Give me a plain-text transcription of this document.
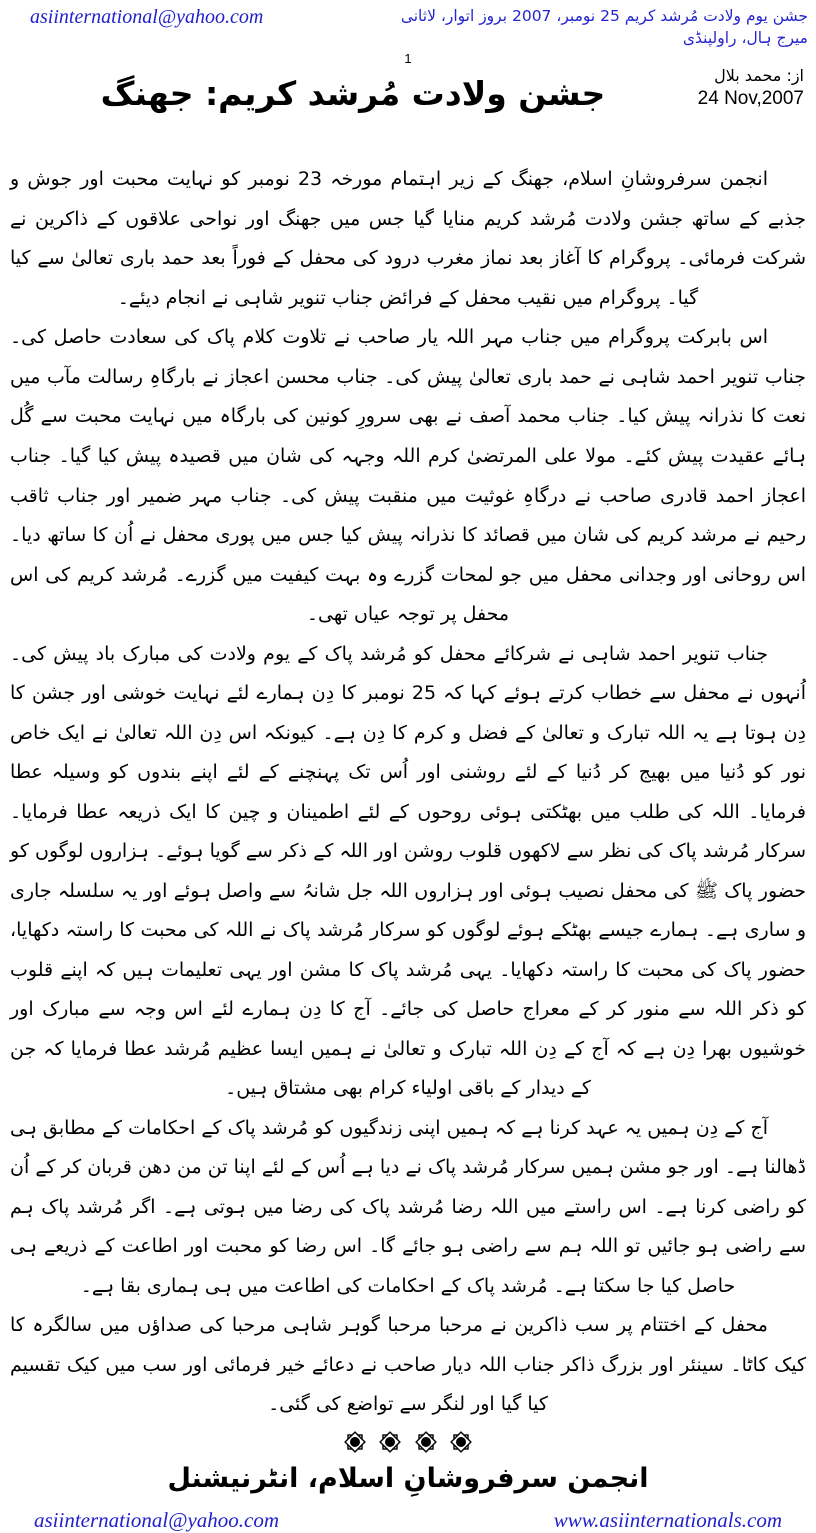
asiinternational@yahoo.com	جشن یوم ولادت مُرشد کریم 25 نومبر، 2007 بروز اتوار، لاثانی میرج ہال، راولپنڈی
1
از: محمد بلال
24 Nov,2007
جشن ولادت مُرشد کریم: جھنگ

انجمن سرفروشانِ اسلام، جھنگ کے زیر اہتمام مورخہ 23 نومبر کو نہایت محبت اور جوش و جذبے کے ساتھ جشن ولادت مُرشد کریم منایا گیا جس میں جھنگ اور نواحی علاقوں کے ذاکرین نے شرکت فرمائی۔ پروگرام کا آغاز بعد نماز مغرب درود کی محفل کے فوراً بعد حمد باری تعالیٰ سے کیا گیا۔ پروگرام میں نقیب محفل کے فرائض جناب تنویر شاہی نے انجام دیئے۔

اس بابرکت پروگرام میں جناب مہر اللہ یار صاحب نے تلاوت کلام پاک کی سعادت حاصل کی۔ جناب تنویر احمد شاہی نے حمد باری تعالیٰ پیش کی۔ جناب محسن اعجاز نے بارگاہِ رسالت مآب میں نعت کا نذرانہ پیش کیا۔ جناب محمد آصف نے بھی سرورِ کونین کی بارگاہ میں نہایت محبت سے گُل ہائے عقیدت پیش کئے۔ مولا علی المرتضیٰ کرم اللہ وجہہ کی شان میں قصیدہ پیش کیا گیا۔ جناب اعجاز احمد قادری صاحب نے درگاہِ غوثیت میں منقبت پیش کی۔ جناب مہر ضمیر اور جناب ثاقب رحیم نے مرشد کریم کی شان میں قصائد کا نذرانہ پیش کیا جس میں پوری محفل نے اُن کا ساتھ دیا۔ اس روحانی اور وجدانی محفل میں جو لمحات گزرے وہ بہت کیفیت میں گزرے۔ مُرشد کریم کی اس محفل پر توجہ عیاں تھی۔

جناب تنویر احمد شاہی نے شرکائے محفل کو مُرشد پاک کے یوم ولادت کی مبارک باد پیش کی۔ اُنہوں نے محفل سے خطاب کرتے ہوئے کہا کہ 25 نومبر کا دِن ہمارے لئے نہایت خوشی اور جشن کا دِن ہوتا ہے یہ اللہ تبارک و تعالیٰ کے فضل و کرم کا دِن ہے۔ کیونکہ اس دِن اللہ تعالیٰ نے ایک خاص نور کو دُنیا میں بھیج کر دُنیا کے لئے روشنی اور اُس تک پہنچنے کے لئے اپنے بندوں کو وسیلہ عطا فرمایا۔ اللہ کی طلب میں بھٹکتی ہوئی روحوں کے لئے اطمینان و چین کا ایک ذریعہ عطا فرمایا۔ سرکار مُرشد پاک کی نظر سے لاکھوں قلوب روشن اور اللہ کے ذکر سے گویا ہوئے۔ ہزاروں لوگوں کو حضور پاک ﷺ کی محفل نصیب ہوئی اور ہزاروں اللہ جل شانہُ سے واصل ہوئے اور یہ سلسلہ جاری و ساری ہے۔ ہمارے جیسے بھٹکے ہوئے لوگوں کو سرکار مُرشد پاک نے اللہ کی محبت کا راستہ دکھایا، حضور پاک کی محبت کا راستہ دکھایا۔ یہی مُرشد پاک کا مشن اور یہی تعلیمات ہیں کہ اپنے قلوب کو ذکر اللہ سے منور کر کے معراج حاصل کی جائے۔ آج کا دِن ہمارے لئے اس وجہ سے مبارک اور خوشیوں بھرا دِن ہے کہ آج کے دِن اللہ تبارک و تعالیٰ نے ہمیں ایسا عظیم مُرشد عطا فرمایا کہ جن کے دیدار کے باقی اولیاء کرام بھی مشتاق ہیں۔

آج کے دِن ہمیں یہ عہد کرنا ہے کہ ہمیں اپنی زندگیوں کو مُرشد پاک کے احکامات کے مطابق ہی ڈھالنا ہے۔ اور جو مشن ہمیں سرکار مُرشد پاک نے دیا ہے اُس کے لئے اپنا تن من دھن قربان کر کے اُن کو راضی کرنا ہے۔ اس راستے میں اللہ رضا مُرشد پاک کی رضا میں ہوتی ہے۔ اگر مُرشد پاک ہم سے راضی ہو جائیں تو اللہ ہم سے راضی ہو جائے گا۔ اس رضا کو محبت اور اطاعت کے ذریعے ہی حاصل کیا جا سکتا ہے۔ مُرشد پاک کے احکامات کی اطاعت میں ہی ہماری بقا ہے۔

محفل کے اختتام پر سب ذاکرین نے مرحبا مرحبا گوہر شاہی مرحبا کی صداؤں میں سالگرہ کا کیک کاٹا۔ سینئر اور بزرگ ذاکر جناب اللہ دیار صاحب نے دعائے خیر فرمائی اور سب میں کیک تقسیم کیا گیا اور لنگر سے تواضع کی گئی۔

انجمن سرفروشانِ اسلام، انٹرنیشنل
asiinternational@yahoo.com	www.asiinternationals.com
